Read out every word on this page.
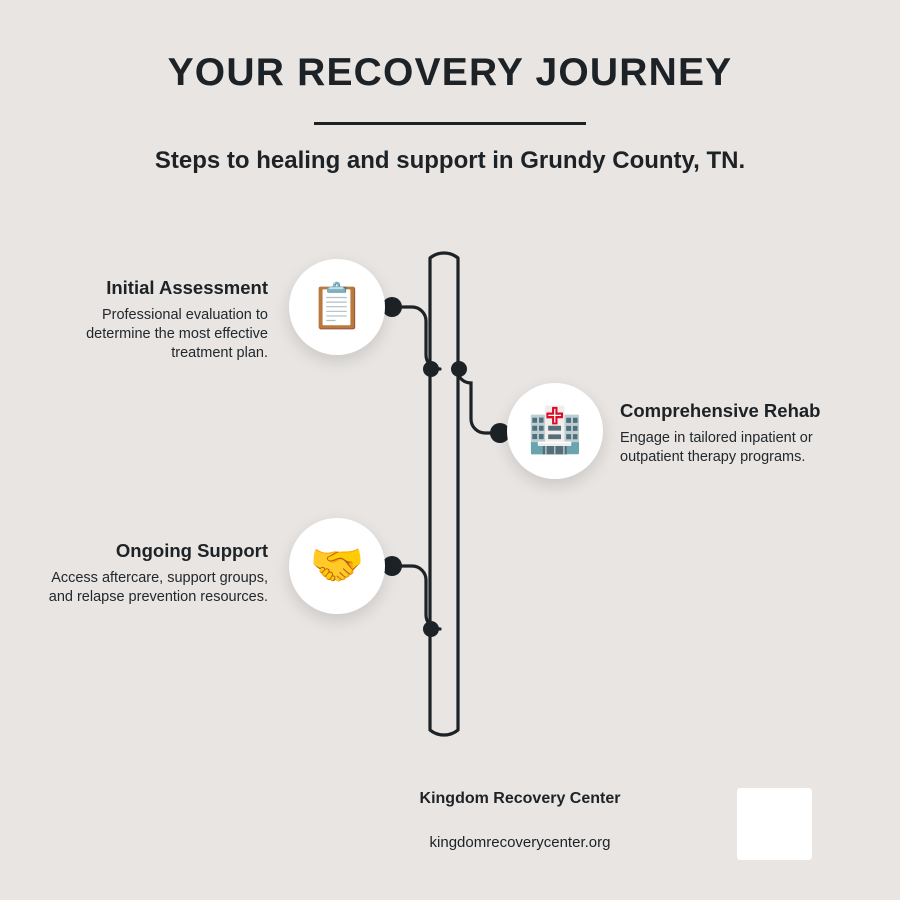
YOUR RECOVERY JOURNEY
Steps to healing and support in Grundy County, TN.
Initial Assessment
Professional evaluation to determine the most effective treatment plan.
📋
🏥 Comprehensive Rehab
Engage in tailored inpatient or outpatient therapy programs.
Ongoing Support
Access aftercare, support groups, and relapse prevention resources.
🤝
Kingdom Recovery Center
kingdomrecoverycenter.org
